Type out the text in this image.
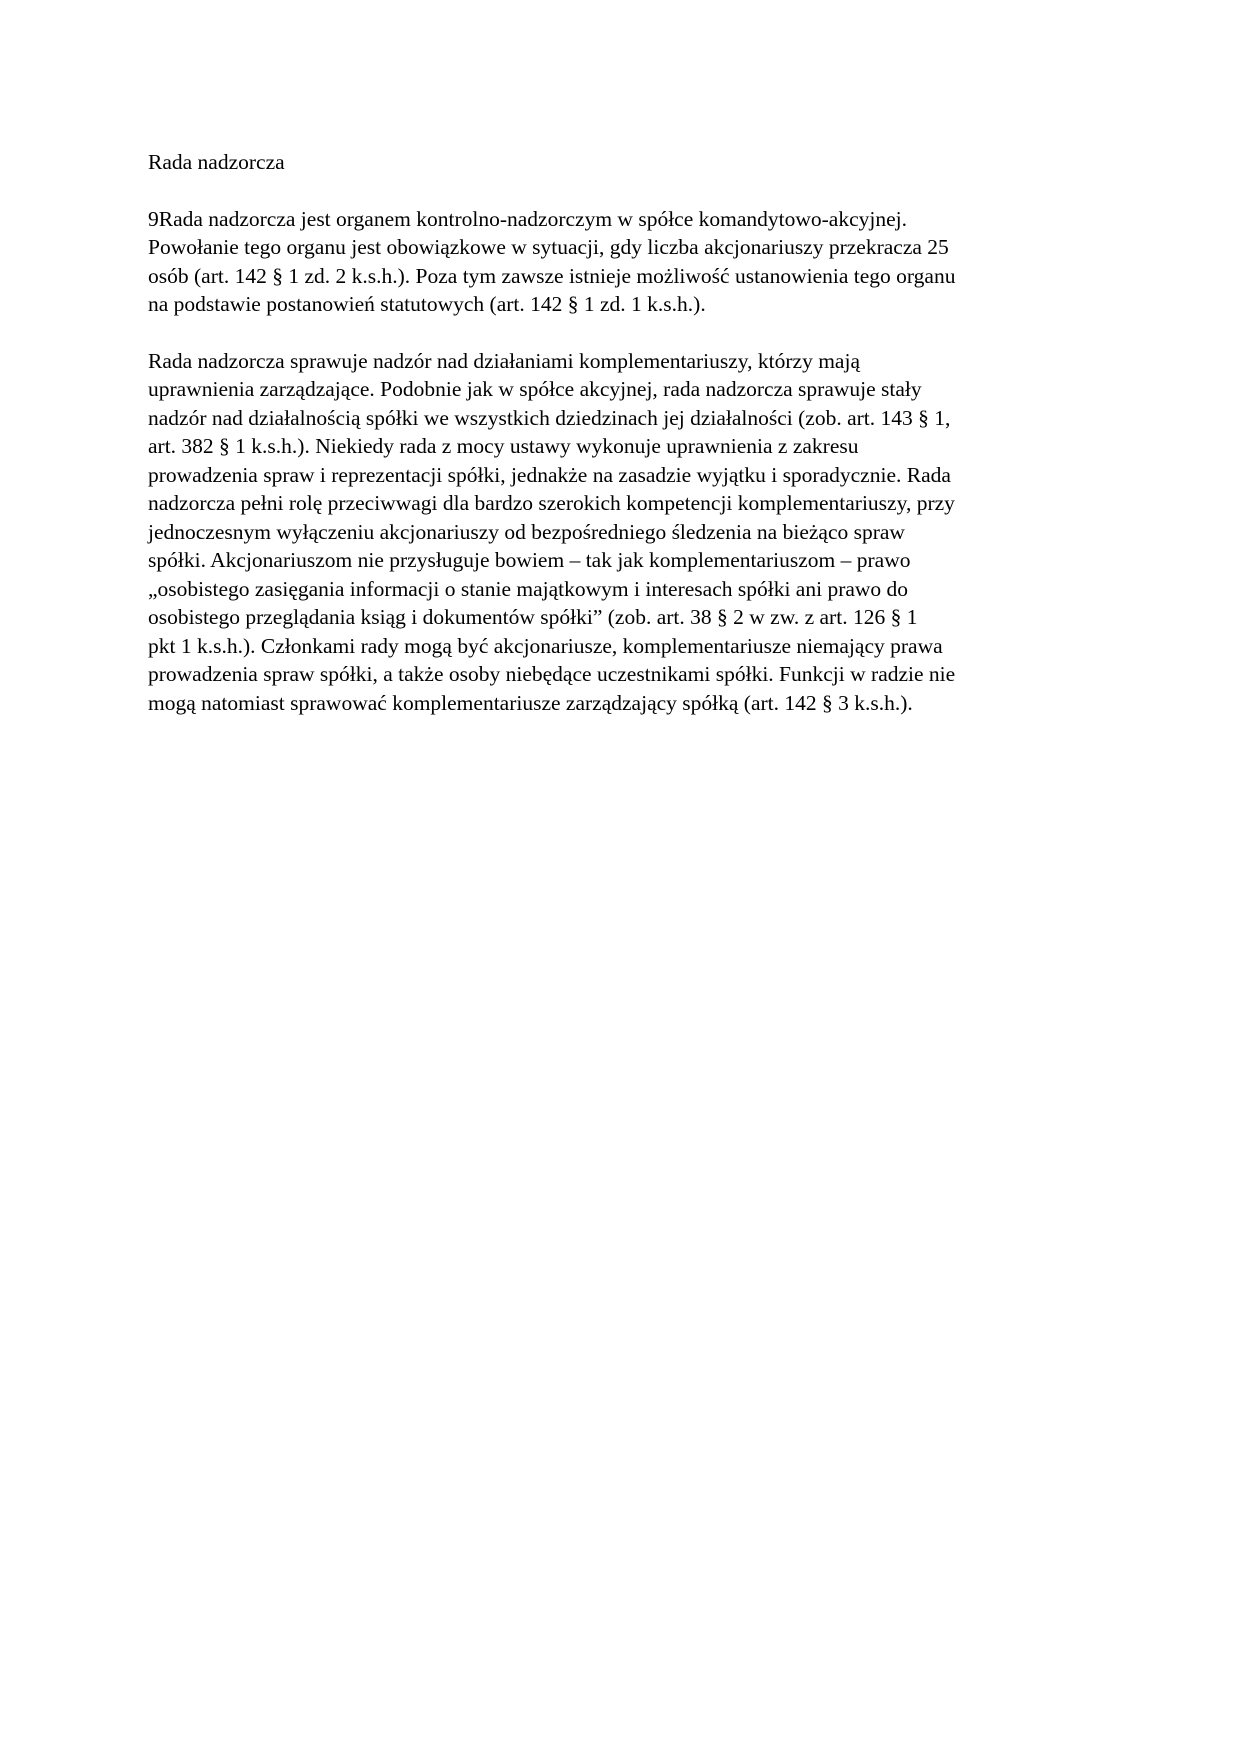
Rada nadzorcza
9Rada nadzorcza jest organem kontrolno-nadzorczym w spółce komandytowo-akcyjnej.
Powołanie tego organu jest obowiązkowe w sytuacji, gdy liczba akcjonariuszy przekracza 25
osób (art. 142 § 1 zd. 2 k.s.h.). Poza tym zawsze istnieje możliwość ustanowienia tego organu
na podstawie postanowień statutowych (art. 142 § 1 zd. 1 k.s.h.).
Rada nadzorcza sprawuje nadzór nad działaniami komplementariuszy, którzy mają
uprawnienia zarządzające. Podobnie jak w spółce akcyjnej, rada nadzorcza sprawuje stały
nadzór nad działalnością spółki we wszystkich dziedzinach jej działalności (zob. art. 143 § 1,
art. 382 § 1 k.s.h.). Niekiedy rada z mocy ustawy wykonuje uprawnienia z zakresu
prowadzenia spraw i reprezentacji spółki, jednakże na zasadzie wyjątku i sporadycznie. Rada
nadzorcza pełni rolę przeciwwagi dla bardzo szerokich kompetencji komplementariuszy, przy
jednoczesnym wyłączeniu akcjonariuszy od bezpośredniego śledzenia na bieżąco spraw
spółki. Akcjonariuszom nie przysługuje bowiem – tak jak komplementariuszom – prawo
„osobistego zasięgania informacji o stanie majątkowym i interesach spółki ani prawo do
osobistego przeglądania ksiąg i dokumentów spółki” (zob. art. 38 § 2 w zw. z art. 126 § 1
pkt 1 k.s.h.). Członkami rady mogą być akcjonariusze, komplementariusze niemający prawa
prowadzenia spraw spółki, a także osoby niebędące uczestnikami spółki. Funkcji w radzie nie
mogą natomiast sprawować komplementariusze zarządzający spółką (art. 142 § 3 k.s.h.).
